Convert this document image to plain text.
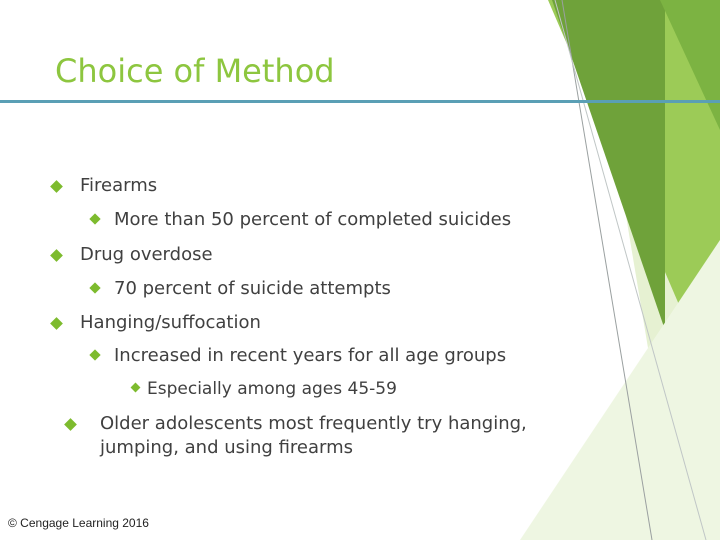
Choice of Method
Firearms
More than 50 percent of completed suicides
Drug overdose
70 percent of suicide attempts
Hanging/suffocation
Increased in recent years for all age groups
Especially among ages 45-59
Older adolescents most frequently try hanging,
jumping, and using firearms
© Cengage Learning 2016
